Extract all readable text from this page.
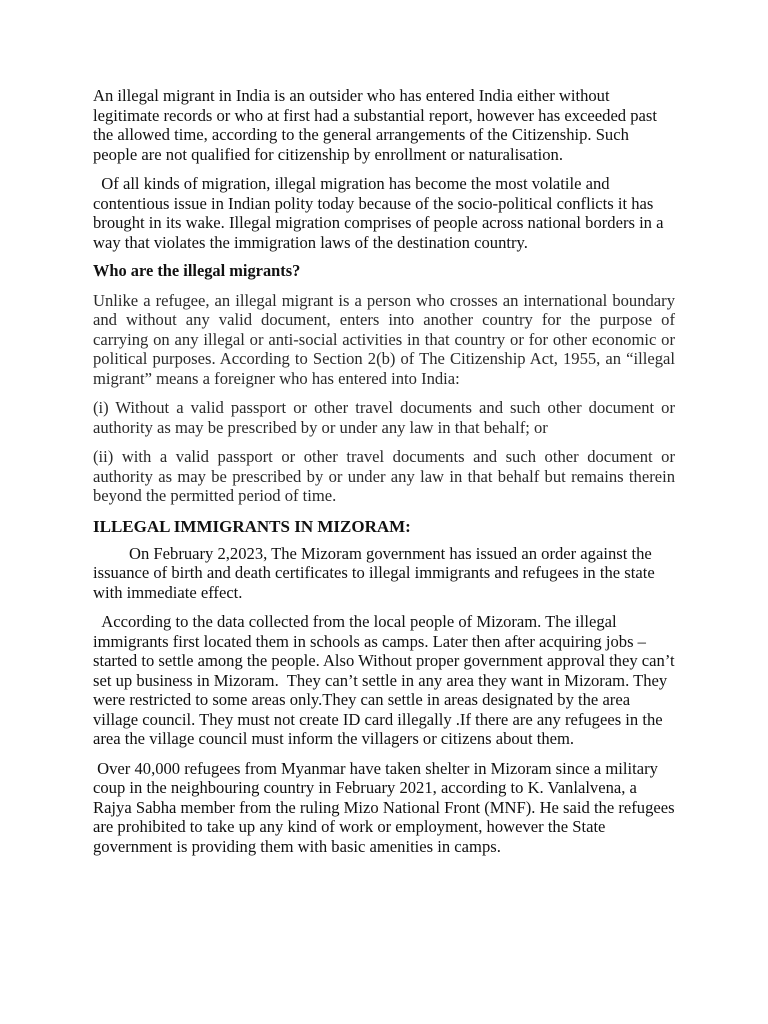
An illegal migrant in India is an outsider who has entered India either without legitimate records or who at first had a substantial report, however has exceeded past the allowed time, according to the general arrangements of the Citizenship. Such people are not qualified for citizenship by enrollment or naturalisation.

Of all kinds of migration, illegal migration has become the most volatile and contentious issue in Indian polity today because of the socio-political conflicts it has brought in its wake. Illegal migration comprises of people across national borders in a way that violates the immigration laws of the destination country.

Who are the illegal migrants?

Unlike a refugee, an illegal migrant is a person who crosses an international boundary and without any valid document, enters into another country for the purpose of carrying on any illegal or anti-social activities in that country or for other economic or political purposes. According to Section 2(b) of The Citizenship Act, 1955, an “illegal migrant” means a foreigner who has entered into India:

(i) Without a valid passport or other travel documents and such other document or authority as may be prescribed by or under any law in that behalf; or

(ii) with a valid passport or other travel documents and such other document or authority as may be prescribed by or under any law in that behalf but remains therein beyond the permitted period of time.

ILLEGAL IMMIGRANTS IN MIZORAM:

On February 2,2023, The Mizoram government has issued an order against the issuance of birth and death certificates to illegal immigrants and refugees in the state with immediate effect.

According to the data collected from the local people of Mizoram. The illegal immigrants first located them in schools as camps. Later then after acquiring jobs – started to settle among the people. Also Without proper government approval they can’t set up business in Mizoram.  They can’t settle in any area they want in Mizoram. They were restricted to some areas only.They can settle in areas designated by the area village council. They must not create ID card illegally .If there are any refugees in the area the village council must inform the villagers or citizens about them.

Over 40,000 refugees from Myanmar have taken shelter in Mizoram since a military coup in the neighbouring country in February 2021, according to K. Vanlalvena, a Rajya Sabha member from the ruling Mizo National Front (MNF). He said the refugees are prohibited to take up any kind of work or employment, however the State government is providing them with basic amenities in camps.
